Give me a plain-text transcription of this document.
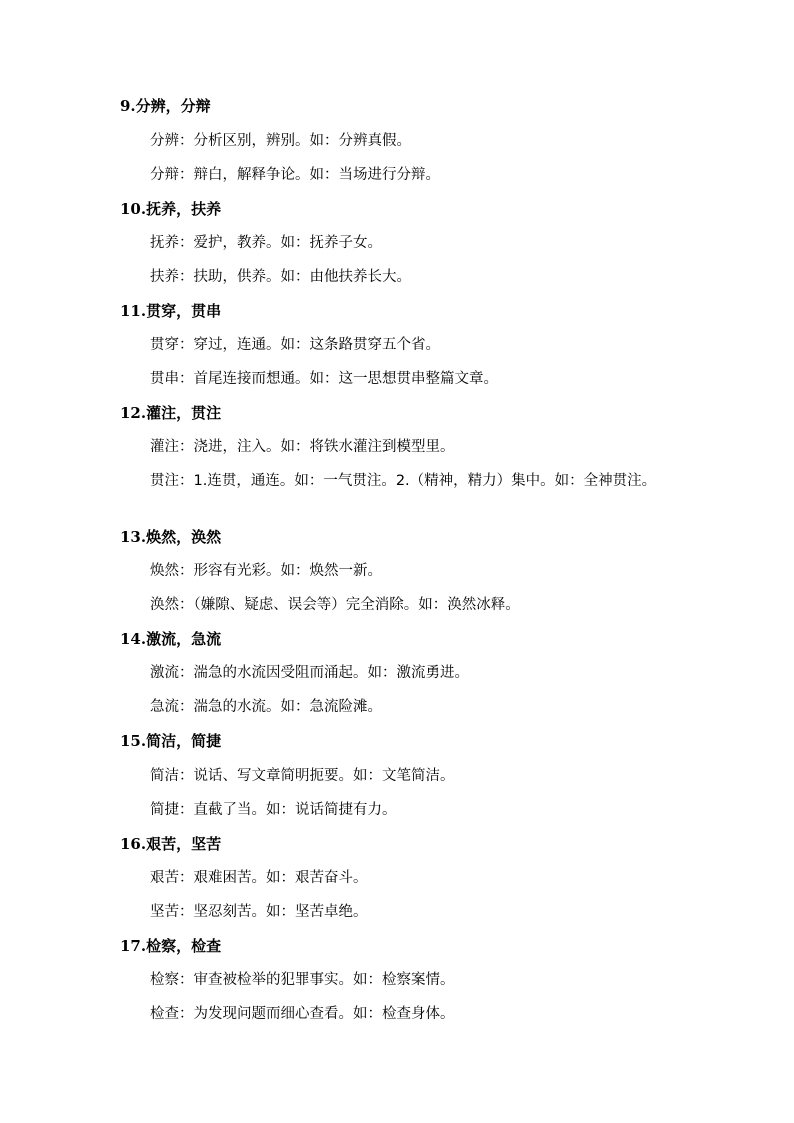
9.分辨，分辩
分辨：分析区别，辨别。如：分辨真假。
分辩：辩白，解释争论。如：当场进行分辩。
10.抚养，扶养
抚养：爱护，教养。如：抚养子女。
扶养：扶助，供养。如：由他扶养长大。
11.贯穿，贯串
贯穿：穿过，连通。如：这条路贯穿五个省。
贯串：首尾连接而想通。如：这一思想贯串整篇文章。
12.灌注，贯注
灌注：浇进，注入。如：将铁水灌注到模型里。
贯注：1.连贯，通连。如：一气贯注。2.（精神，精力）集中。如：全神贯注。
13.焕然，涣然
焕然：形容有光彩。如：焕然一新。
涣然：（嫌隙、疑虑、误会等）完全消除。如：涣然冰释。
14.激流，急流
激流：湍急的水流因受阻而涌起。如：激流勇进。
急流：湍急的水流。如：急流险滩。
15.简洁，简捷
简洁：说话、写文章简明扼要。如：文笔简洁。
简捷：直截了当。如：说话简捷有力。
16.艰苦，坚苦
艰苦：艰难困苦。如：艰苦奋斗。
坚苦：坚忍刻苦。如：坚苦卓绝。
17.检察，检查
检察：审查被检举的犯罪事实。如：检察案情。
检查：为发现问题而细心查看。如：检查身体。
